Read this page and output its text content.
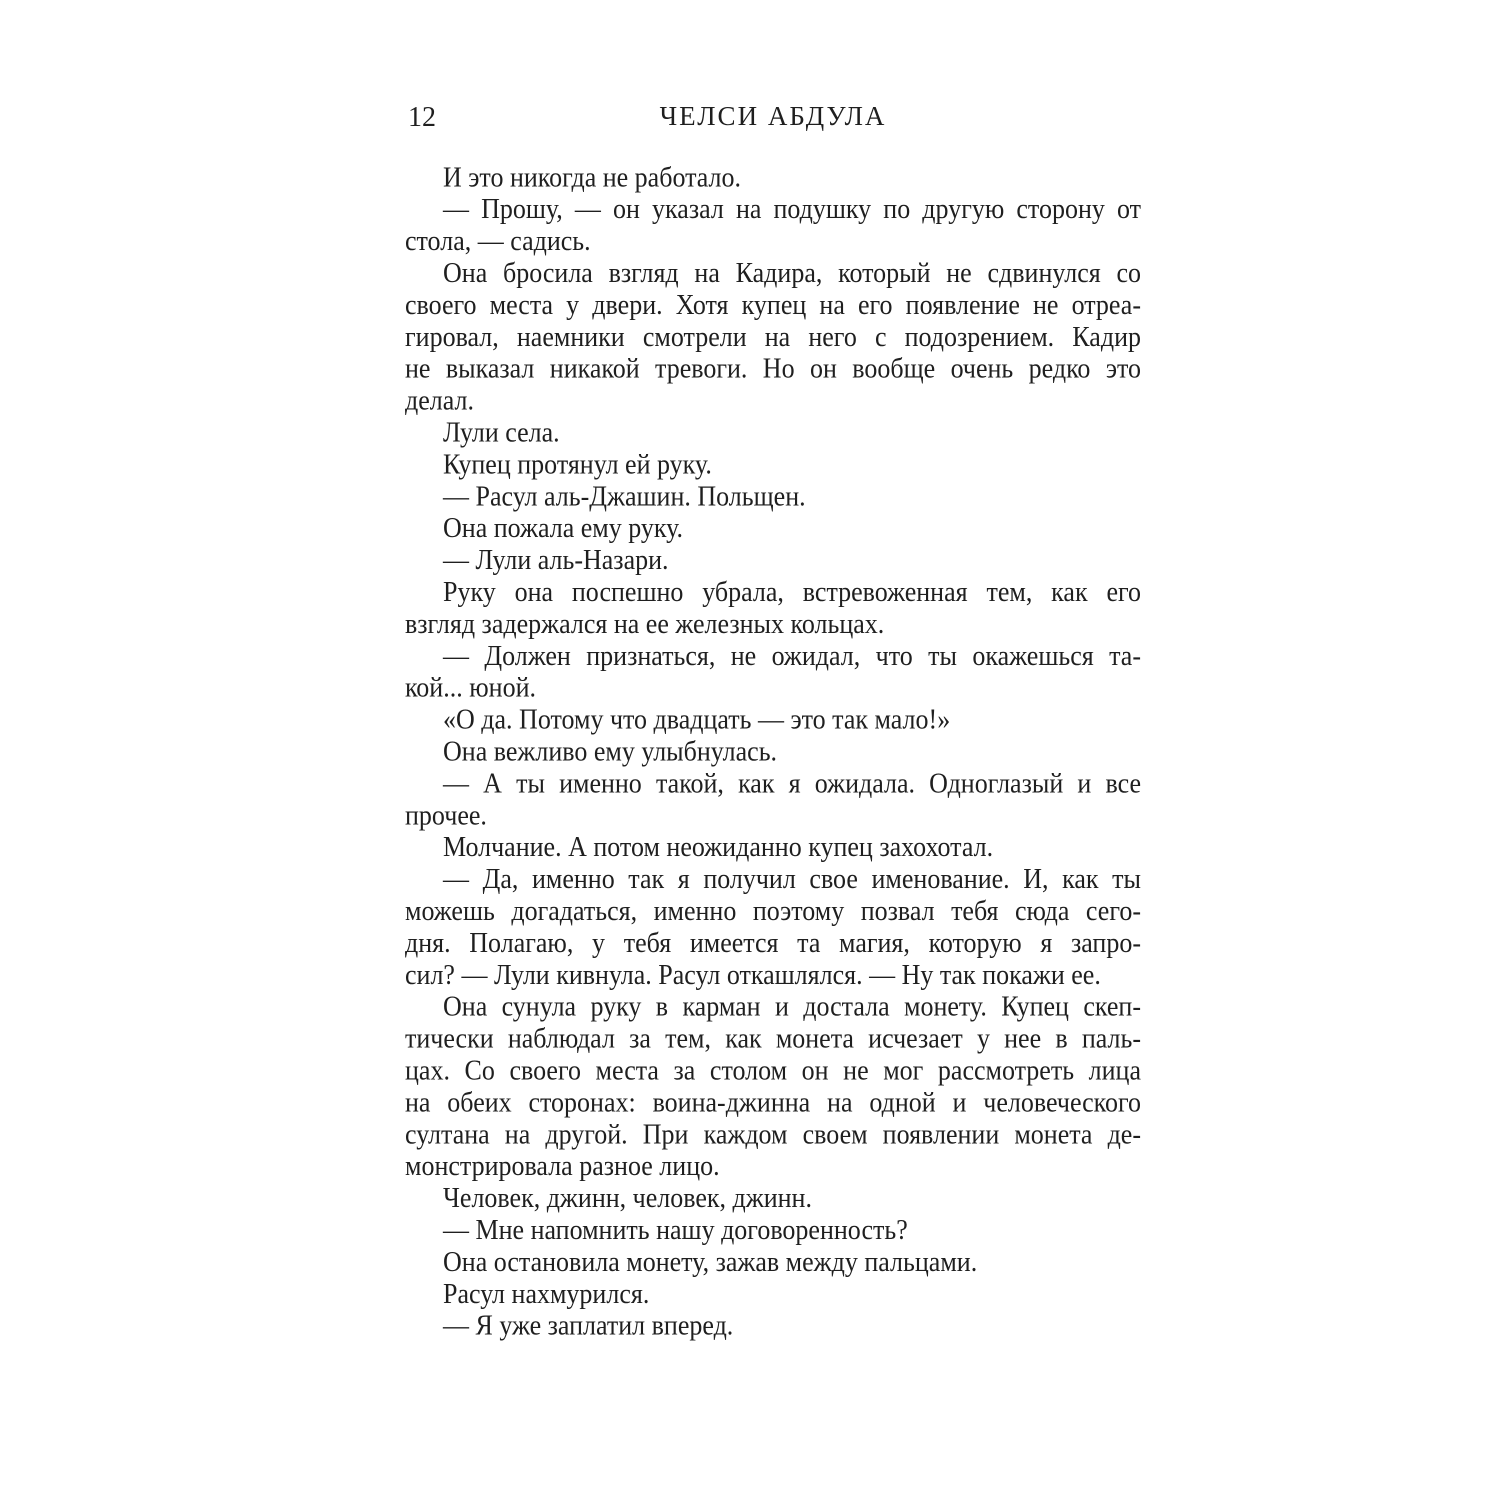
12	ЧЕЛСИ АБДУЛА

И это никогда не работало.

— Прошу, — он указал на подушку по другую сторону от
стола, — садись.

Она бросила взгляд на Кадира, который не сдвинулся со
своего места у двери. Хотя купец на его появление не отреа-
гировал, наемники смотрели на него с подозрением. Кадир
не выказал никакой тревоги. Но он вообще очень редко это
делал.

Лули села.

Купец протянул ей руку.

— Расул аль-Джашин. Польщен.

Она пожала ему руку.

— Лули аль-Назари.

Руку она поспешно убрала, встревоженная тем, как его
взгляд задержался на ее железных кольцах.

— Должен признаться, не ожидал, что ты окажешься та-
кой... юной.

«О да. Потому что двадцать — это так мало!»

Она вежливо ему улыбнулась.

— А ты именно такой, как я ожидала. Одноглазый и все
прочее.

Молчание. А потом неожиданно купец захохотал.

— Да, именно так я получил свое именование. И, как ты
можешь догадаться, именно поэтому позвал тебя сюда сего-
дня. Полагаю, у тебя имеется та магия, которую я запро-
сил? — Лули кивнула. Расул откашлялся. — Ну так покажи ее.

Она сунула руку в карман и достала монету. Купец скеп-
тически наблюдал за тем, как монета исчезает у нее в паль-
цах. Со своего места за столом он не мог рассмотреть лица
на обеих сторонах: воина-джинна на одной и человеческого
султана на другой. При каждом своем появлении монета де-
монстрировала разное лицо.

Человек, джинн, человек, джинн.

— Мне напомнить нашу договоренность?

Она остановила монету, зажав между пальцами.

Расул нахмурился.

— Я уже заплатил вперед.
